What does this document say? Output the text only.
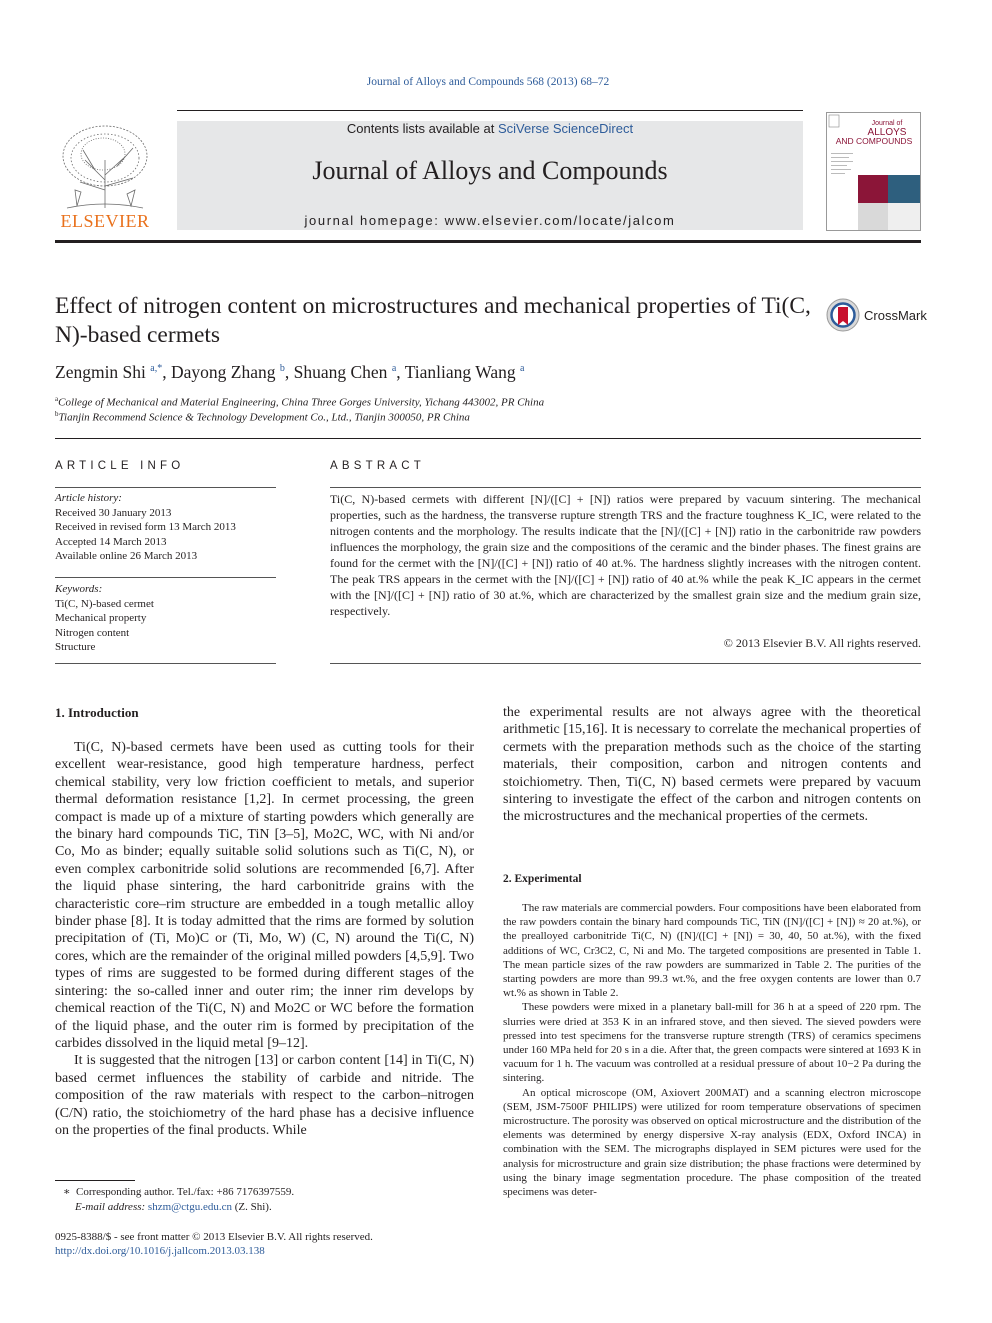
Journal of Alloys and Compounds 568 (2013) 68–72
ELSEVIER
Contents lists available at SciVerse ScienceDirect
Journal of Alloys and Compounds
journal homepage: www.elsevier.com/locate/jalcom
Journal of
ALLOYS
AND COMPOUNDS
Effect of nitrogen content on microstructures and mechanical properties of Ti(C, N)-based cermets
CrossMark
Zengmin Shi $^{a,*}$, Dayong Zhang $^b$, Shuang Chen $^a$, Tianliang Wang $^a$
$^a$College of Mechanical and Material Engineering, China Three Gorges University, Yichang 443002, PR China
$^b$Tianjin Recommend Science & Technology Development Co., Ltd., Tianjin 300050, PR China
ARTICLE INFO
Article history:
Received 30 January 2013
Received in revised form 13 March 2013
Accepted 14 March 2013
Available online 26 March 2013
Keywords:
Ti(C, N)-based cermet
Mechanical property
Nitrogen content
Structure
ABSTRACT
Ti(C, N)-based cermets with different [N]/([C] + [N]) ratios were prepared by vacuum sintering. The mechanical properties, such as the hardness, the transverse rupture strength TRS and the fracture toughness K_IC, were related to the nitrogen contents and the morphology. The results indicate that the [N]/([C] + [N]) ratio in the carbonitride raw powders influences the morphology, the grain size and the compositions of the ceramic and the binder phases. The finest grains are found for the cermet with the [N]/([C] + [N]) ratio of 40 at.%. The hardness slightly increases with the nitrogen content. The peak TRS appears in the cermet with the [N]/([C] + [N]) ratio of 40 at.% while the peak K_IC appears in the cermet with the [N]/([C] + [N]) ratio of 30 at.%, which are characterized by the smallest grain size and the medium grain size, respectively.
© 2013 Elsevier B.V. All rights reserved.
1. Introduction

Ti(C, N)-based cermets have been used as cutting tools for their excellent wear-resistance, good high temperature hardness, perfect chemical stability, very low friction coefficient to metals, and superior thermal deformation resistance [1,2]. In cermet processing, the green compact is made up of a mixture of starting powders which generally are the binary hard compounds TiC, TiN [3–5], Mo2C, WC, with Ni and/or Co, Mo as binder; equally suitable solid solutions such as Ti(C, N), or even complex carbonitride solid solutions are recommended [6,7]. After the liquid phase sintering, the hard carbonitride grains with the characteristic core–rim structure are embedded in a tough metallic alloy binder phase [8]. It is today admitted that the rims are formed by solution precipitation of (Ti, Mo)C or (Ti, Mo, W) (C, N) around the Ti(C, N) cores, which are the remainder of the original milled powders [4,5,9]. Two types of rims are suggested to be formed during different stages of the sintering: the so-called inner and outer rim; the inner rim develops by chemical reaction of the Ti(C, N) and Mo2C or WC before the formation of the liquid phase, and the outer rim is formed by precipitation of the carbides dissolved in the liquid metal [9–12].

It is suggested that the nitrogen [13] or carbon content [14] in Ti(C, N) based cermet influences the stability of carbide and nitride. The composition of the raw materials with respect to the carbon–nitrogen (C/N) ratio, the stoichiometry of the hard phase has a decisive influence on the properties of the final products. While

the experimental results are not always agree with the theoretical arithmetic [15,16]. It is necessary to correlate the mechanical properties of cermets with the preparation methods such as the choice of the starting materials, their composition, carbon and nitrogen contents and stoichiometry. Then, Ti(C, N) based cermets were prepared by vacuum sintering to investigate the effect of the carbon and nitrogen contents on the microstructures and the mechanical properties of the cermets.
2. Experimental

The raw materials are commercial powders. Four compositions have been elaborated from the raw powders contain the binary hard compounds TiC, TiN ([N]/([C] + [N]) ≈ 20 at.%), or the prealloyed carbonitride Ti(C, N) ([N]/([C] + [N]) = 30, 40, 50 at.%), with the fixed additions of WC, Cr3C2, C, Ni and Mo. The targeted compositions are presented in Table 1. The mean particle sizes of the raw powders are summarized in Table 2. The purities of the starting powders are more than 99.3 wt.%, and the free oxygen contents are lower than 0.7 wt.% as shown in Table 2.

These powders were mixed in a planetary ball-mill for 36 h at a speed of 220 rpm. The slurries were dried at 353 K in an infrared stove, and then sieved. The sieved powders were pressed into test specimens for the transverse rupture strength (TRS) of ceramics specimens under 160 MPa held for 20 s in a die. After that, the green compacts were sintered at 1693 K in vacuum for 1 h. The vacuum was controlled at a residual pressure of about 10−2 Pa during the sintering.

An optical microscope (OM, Axiovert 200MAT) and a scanning electron microscope (SEM, JSM-7500F PHILIPS) were utilized for room temperature observations of specimen microstructure. The porosity was observed on optical microstructure and the distribution of the elements was determined by energy dispersive X-ray analysis (EDX, Oxford INCA) in combination with the SEM. The micrographs displayed in SEM pictures were used for the analysis for microstructure and grain size distribution; the phase fractions were determined by using the binary image segmentation procedure. The phase composition of the treated specimens was deter-

∗ Corresponding author. Tel./fax: +86 7176397559.
E-mail address: shzm@ctgu.edu.cn (Z. Shi).
0925-8388/$ - see front matter © 2013 Elsevier B.V. All rights reserved.
http://dx.doi.org/10.1016/j.jallcom.2013.03.138
